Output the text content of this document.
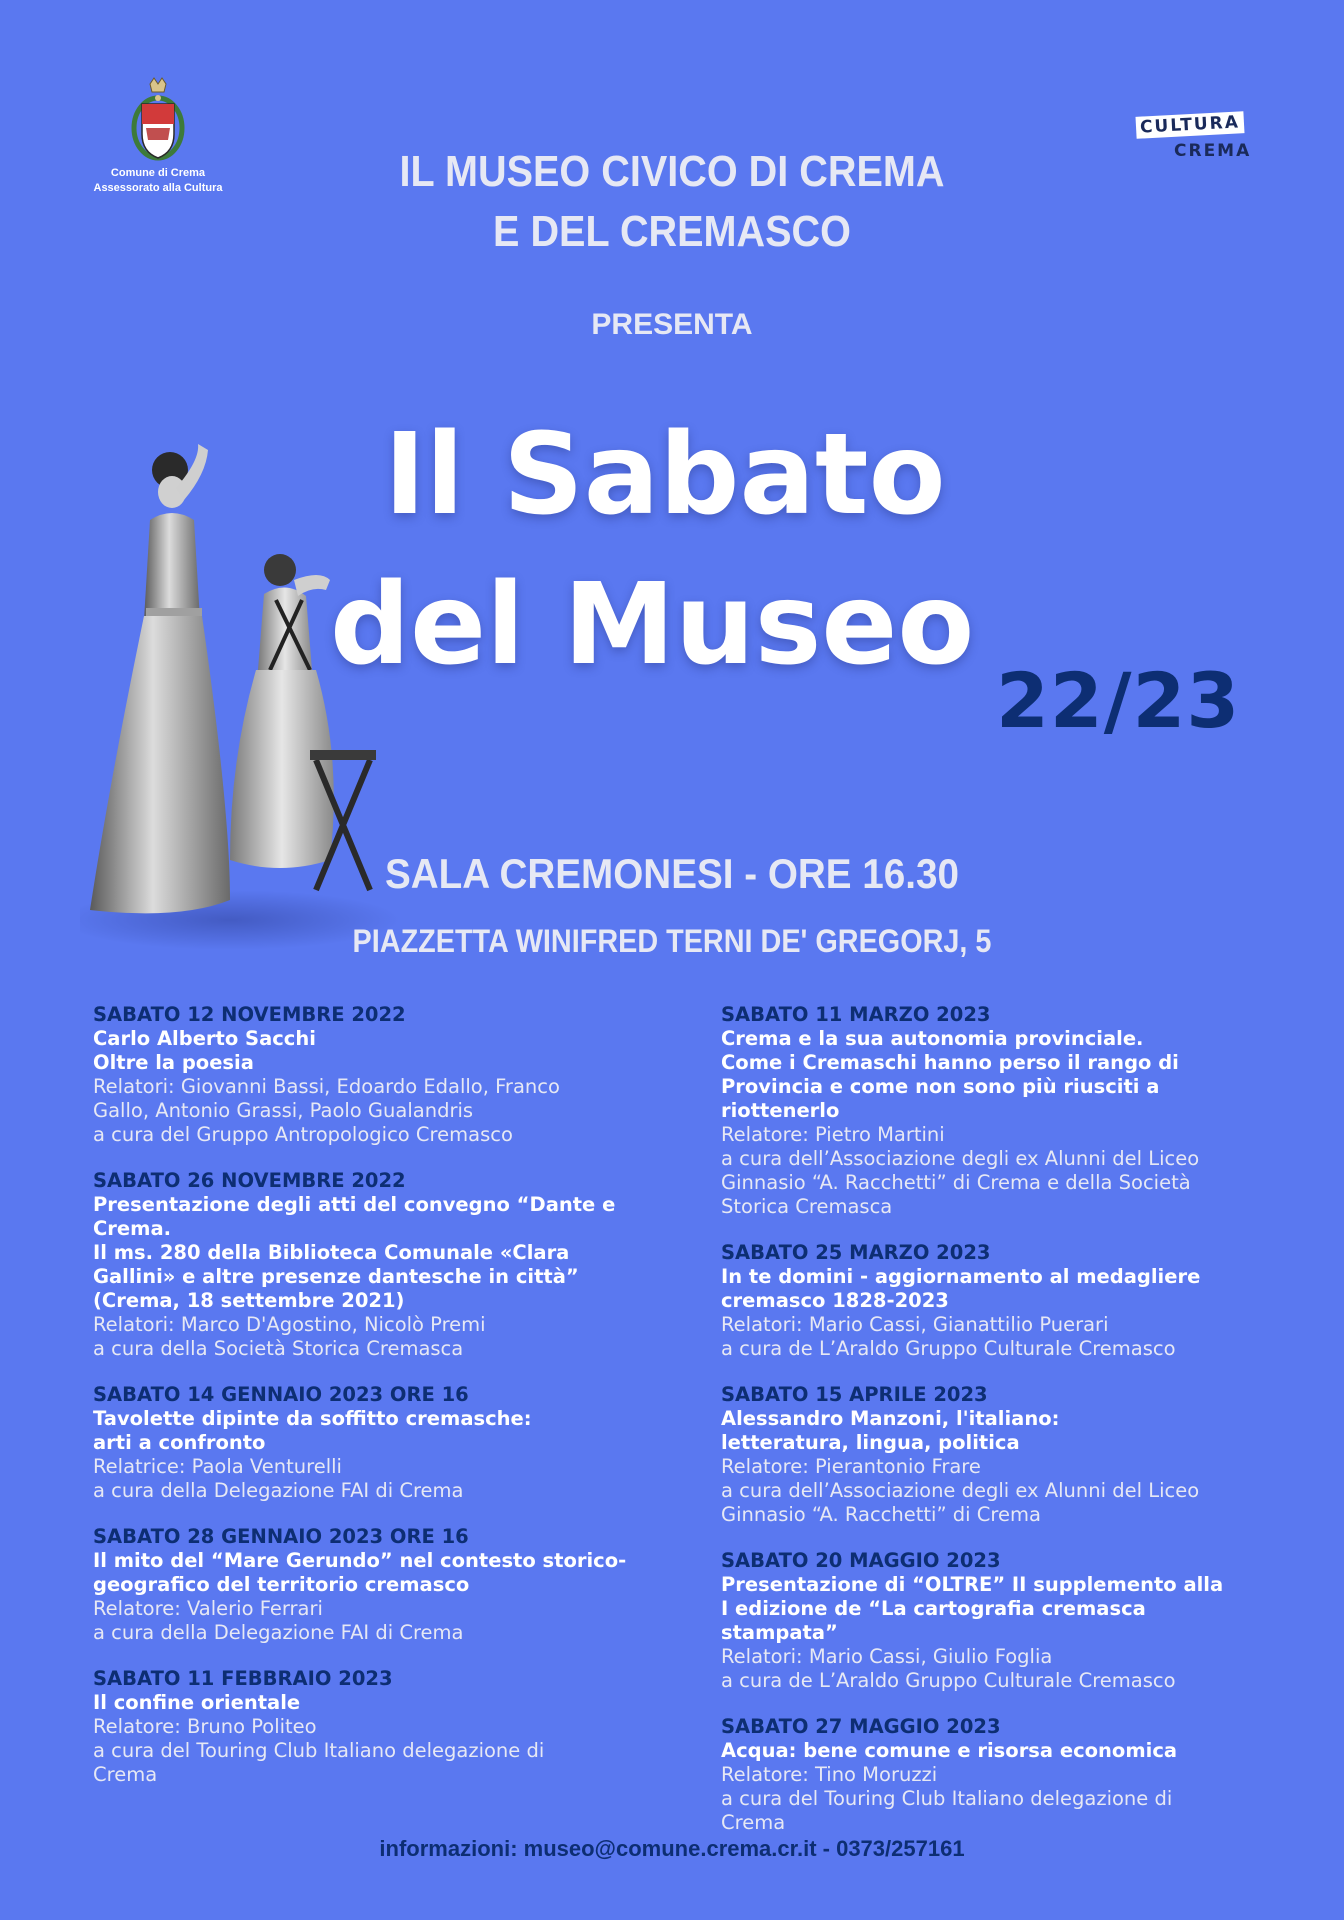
Comune di Crema
Assessorato alla Cultura
CULTURA
CREMA
IL MUSEO CIVICO DI CREMA
E DEL CREMASCO
PRESENTA
Il Sabato
del Museo
22/23
SALA CREMONESI - ORE 16.30
PIAZZETTA WINIFRED TERNI DE' GREGORJ, 5
SABATO 12 NOVEMBRE 2022
Carlo Alberto Sacchi
Oltre la poesia
Relatori: Giovanni Bassi, Edoardo Edallo, Franco
Gallo, Antonio Grassi, Paolo Gualandris
a cura del Gruppo Antropologico Cremasco
SABATO 26 NOVEMBRE 2022
Presentazione degli atti del convegno “Dante e
Crema.
Il ms. 280 della Biblioteca Comunale «Clara
Gallini» e altre presenze dantesche in città”
(Crema, 18 settembre 2021)
Relatori: Marco D'Agostino, Nicolò Premi
a cura della Società Storica Cremasca
SABATO 14 GENNAIO 2023 ORE 16
Tavolette dipinte da soffitto cremasche:
arti a confronto
Relatrice: Paola Venturelli
a cura della Delegazione FAI di Crema
SABATO 28 GENNAIO 2023 ORE 16
Il mito del “Mare Gerundo” nel contesto storico-
geografico del territorio cremasco
Relatore: Valerio Ferrari
a cura della Delegazione FAI di Crema
SABATO 11 FEBBRAIO 2023
Il confine orientale
Relatore: Bruno Politeo
a cura del Touring Club Italiano delegazione di
Crema
SABATO 11 MARZO 2023
Crema e la sua autonomia provinciale.
Come i Cremaschi hanno perso il rango di
Provincia e come non sono più riusciti a riottenerlo
Relatore: Pietro Martini
a cura dell’Associazione degli ex Alunni del Liceo
Ginnasio “A. Racchetti” di Crema e della Società
Storica Cremasca
SABATO 25 MARZO 2023
In te domini - aggiornamento al medagliere
cremasco 1828-2023
Relatori: Mario Cassi, Gianattilio Puerari
a cura de L’Araldo Gruppo Culturale Cremasco
SABATO 15 APRILE 2023
Alessandro Manzoni, l'italiano:
letteratura, lingua, politica
Relatore: Pierantonio Frare
a cura dell’Associazione degli ex Alunni del Liceo
Ginnasio “A. Racchetti” di Crema
SABATO 20 MAGGIO 2023
Presentazione di “OLTRE” II supplemento alla
I edizione de “La cartografia cremasca stampata”
Relatori: Mario Cassi, Giulio Foglia
a cura de L’Araldo Gruppo Culturale Cremasco
SABATO 27 MAGGIO 2023
Acqua: bene comune e risorsa economica
Relatore: Tino Moruzzi
a cura del Touring Club Italiano delegazione di
Crema
informazioni: museo@comune.crema.cr.it - 0373/257161
